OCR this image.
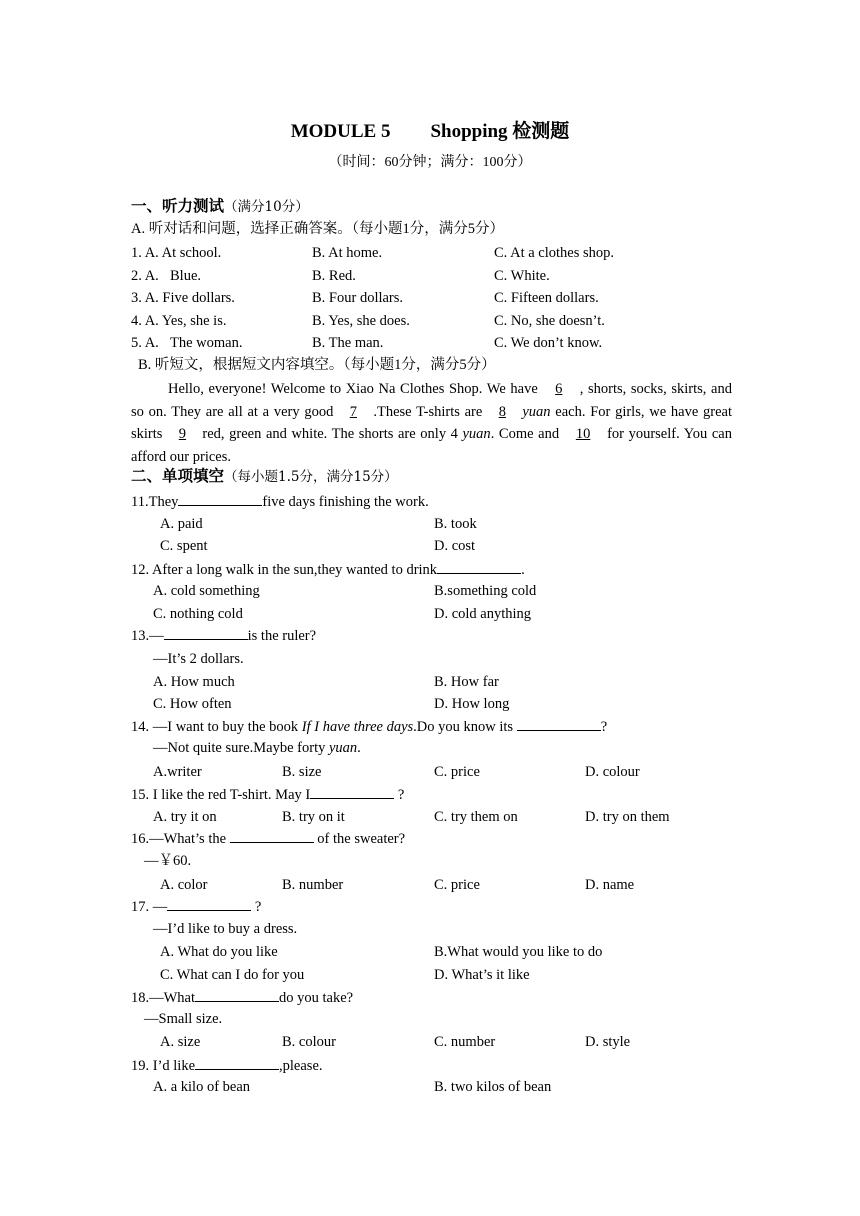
MODULE 5 Shopping 检测题
（时间：60分钟；满分：100分）
一、听力测试（满分10分）
A. 听对话和问题，选择正确答案。（每小题1分，满分5分）
1. A. At school.	B. At home.	C. At a clothes shop.
2. A. Blue.	B. Red.	C. White.
3. A. Five dollars.	B. Four dollars.	C. Fifteen dollars.
4. A. Yes, she is.	B. Yes, she does.	C. No, she doesn’t.
5. A. The woman.	B. The man.	C. We don’t know.
B. 听短文，根据短文内容填空。（每小题1分，满分5分）
Hello, everyone! Welcome to Xiao Na Clothes Shop. We have 6 , shorts, socks, skirts, and so on. They are all at a very good 7 .These T-shirts are 8 yuan each. For girls, we have great skirts 9 red, green and white. The shorts are only 4 yuan. Come and 10 for yourself. You can afford our prices.
二、单项填空（每小题1.5分，满分15分）
11.They	five days finishing the work.
A. paid	B. took
C. spent	D. cost
12. After a long walk in the sun,they wanted to drink	.
A. cold something	B.something cold
C. nothing cold	D. cold anything
13.—	is the ruler?
—It’s 2 dollars.
A. How much	B. How far
C. How often	D. How long
14. —I want to buy the book If I have three days.Do you know its	?
—Not quite sure.Maybe forty yuan.
A.writer	B. size	C. price	D. colour
15. I like the red T-shirt. May I	?
A. try it on	B. try on it	C. try them on	D. try on them
16.—What’s the	of the sweater?
—￥60.
A. color	B. number	C. price	D. name
17. —	?
—I’d like to buy a dress.
A. What do you like	B.What would you like to do
C. What can I do for you	D. What’s it like
18.—What	do you take?
—Small size.
A. size	B. colour	C. number	D. style
19. I’d like	,please.
A. a kilo of bean	B. two kilos of bean
